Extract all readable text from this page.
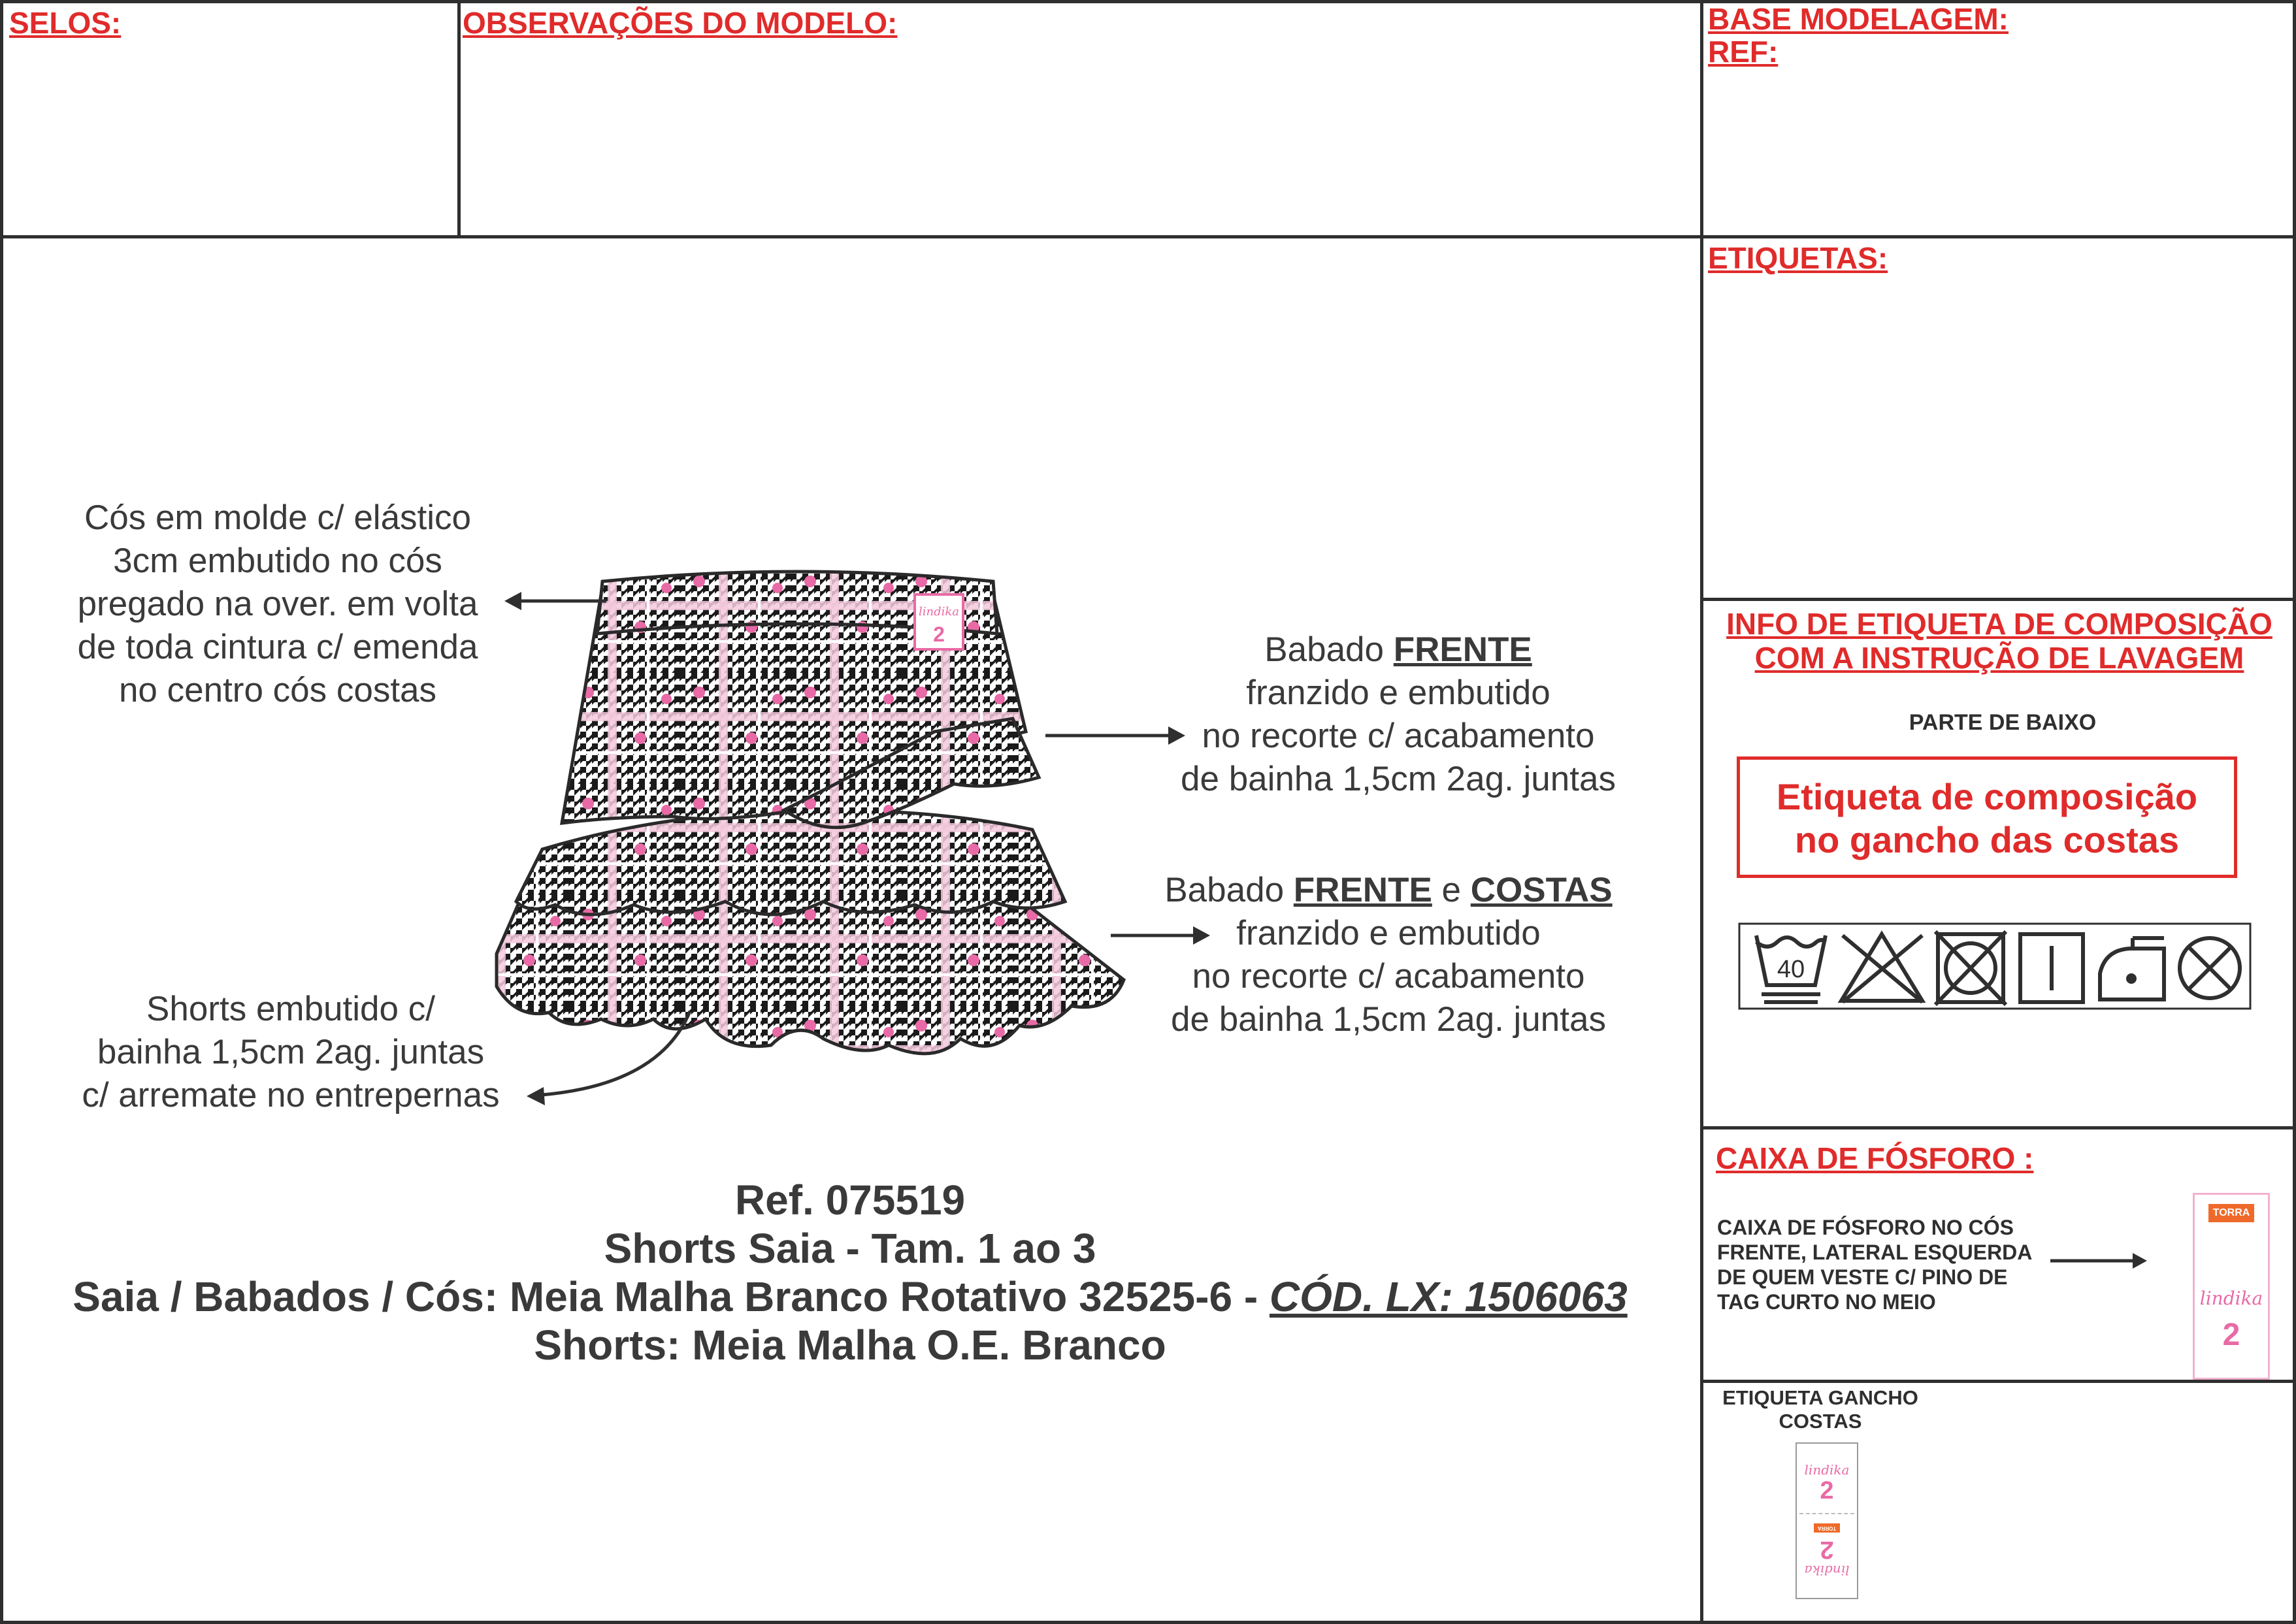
SELOS:	OBSERVAÇÕES DO MODELO:	BASE MODELAGEM:
REF:
ETIQUETAS:
INFO DE ETIQUETA DE COMPOSIÇÃO
COM A INSTRUÇÃO DE LAVAGEM
PARTE DE BAIXO
Etiqueta de composição
no gancho das costas
40
CAIXA DE FÓSFORO :
CAIXA DE FÓSFORO NO CÓS
FRENTE, LATERAL ESQUERDA
DE QUEM VESTE C/ PINO DE
TAG CURTO NO MEIO
TORRA
lindika
2
ETIQUETA GANCHO
COSTAS
lindika
2
lindika
2
TORRA
lindika
2
Cós em molde c/ elástico
3cm embutido no cós
pregado na over. em volta
de toda cintura c/ emenda
no centro cós costas
Babado FRENTE
franzido e embutido
no recorte c/ acabamento
de bainha 1,5cm 2ag. juntas
Babado FRENTE e COSTAS
franzido e embutido
no recorte c/ acabamento
de bainha 1,5cm 2ag. juntas
Shorts embutido c/
bainha 1,5cm 2ag. juntas
c/ arremate no entrepernas
Ref. 075519
Shorts Saia - Tam. 1 ao 3
Saia / Babados / Cós: Meia Malha Branco Rotativo 32525-6 - CÓD. LX: 1506063
Shorts: Meia Malha O.E. Branco
